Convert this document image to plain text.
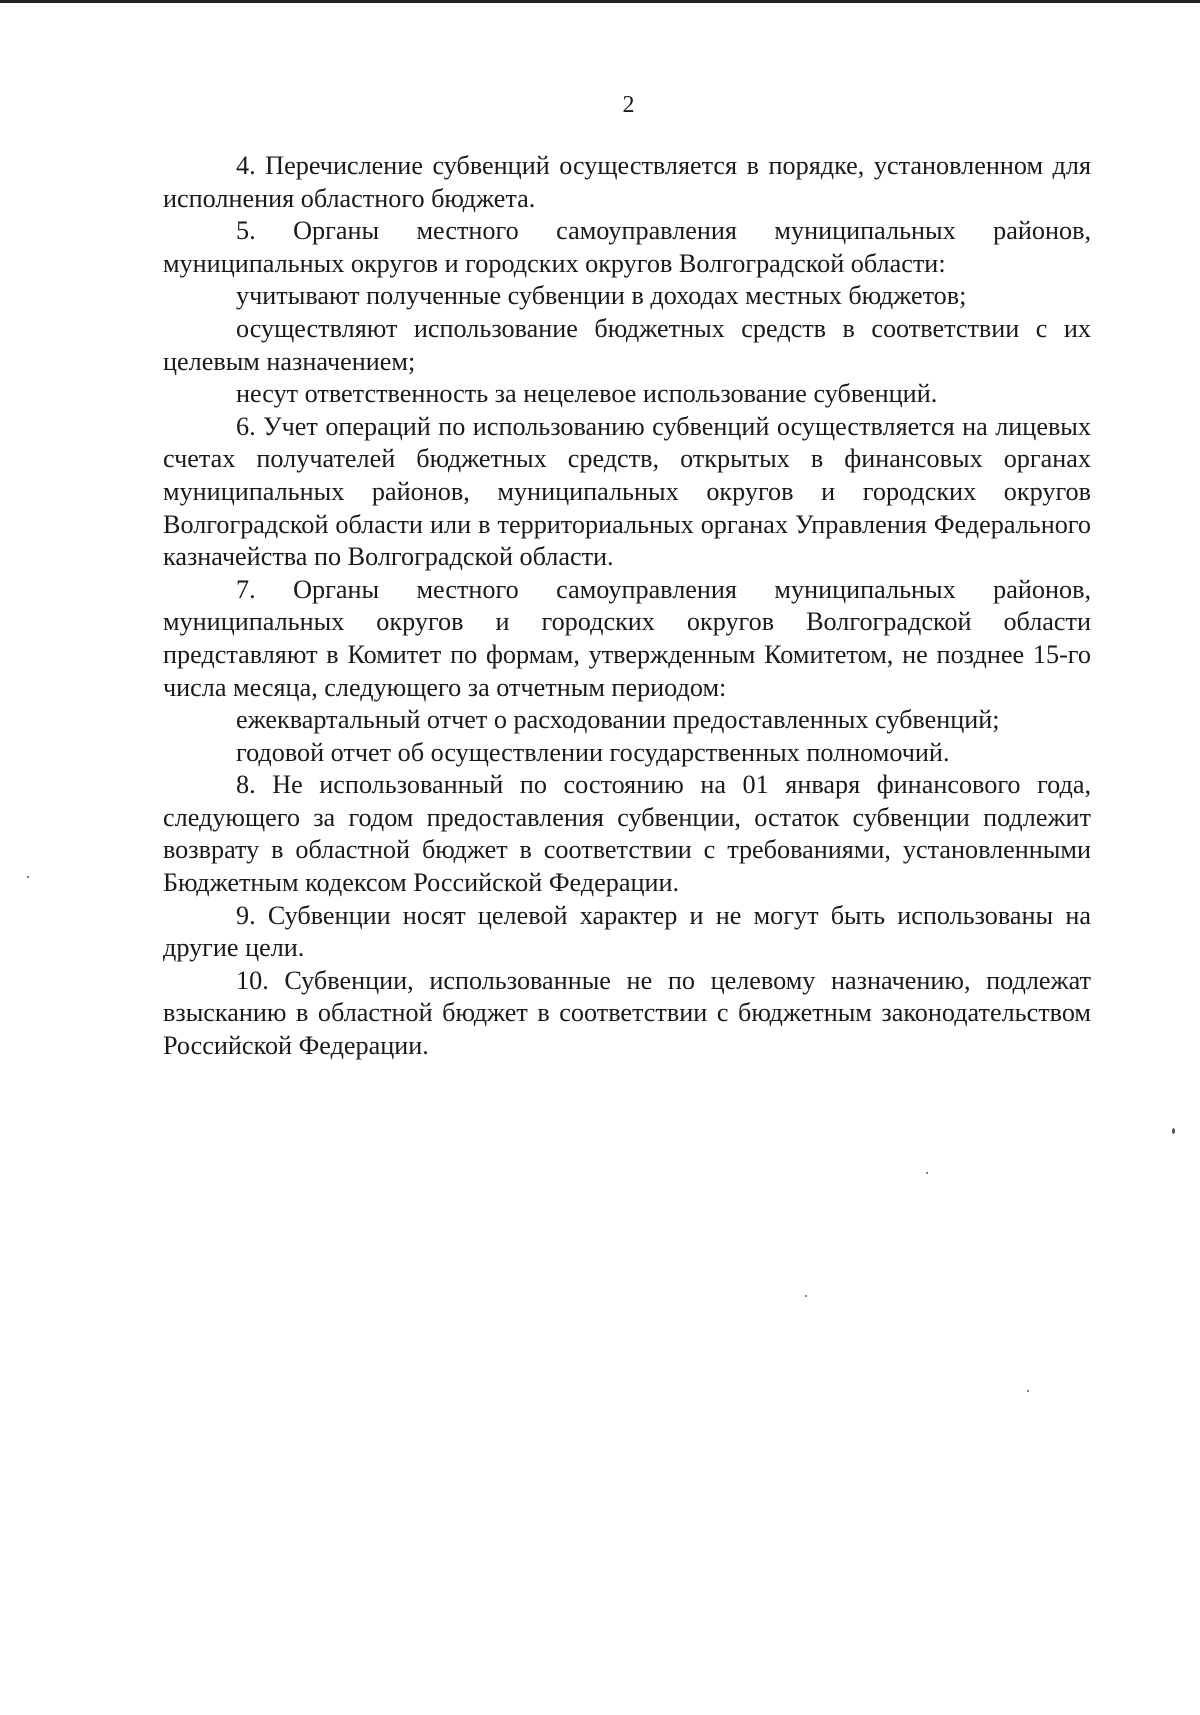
2

4. Перечисление субвенций осуществляется в порядке, установленном для исполнения областного бюджета.

5. Органы местного самоуправления муниципальных районов, муниципальных округов и городских округов Волгоградской области:

учитывают полученные субвенции в доходах местных бюджетов;

осуществляют использование бюджетных средств в соответствии с их целевым назначением;

несут ответственность за нецелевое использование субвенций.

6. Учет операций по использованию субвенций осуществляется на лицевых счетах получателей бюджетных средств, открытых в финансовых органах муниципальных районов, муниципальных округов и городских округов Волгоградской области или в территориальных органах Управления Федерального казначейства по Волгоградской области.

7. Органы местного самоуправления муниципальных районов, муниципальных округов и городских округов Волгоградской области представляют в Комитет по формам, утвержденным Комитетом, не позднее 15-го числа месяца, следующего за отчетным периодом:

ежеквартальный отчет о расходовании предоставленных субвенций;

годовой отчет об осуществлении государственных полномочий.

8. Не использованный по состоянию на 01 января финансового года, следующего за годом предоставления субвенции, остаток субвенции подлежит возврату в областной бюджет в соответствии с требованиями, установленными Бюджетным кодексом Российской Федерации.

9. Субвенции носят целевой характер и не могут быть использованы на другие цели.

10. Субвенции, использованные не по целевому назначению, подлежат взысканию в областной бюджет в соответствии с бюджетным законодательством Российской Федерации.
